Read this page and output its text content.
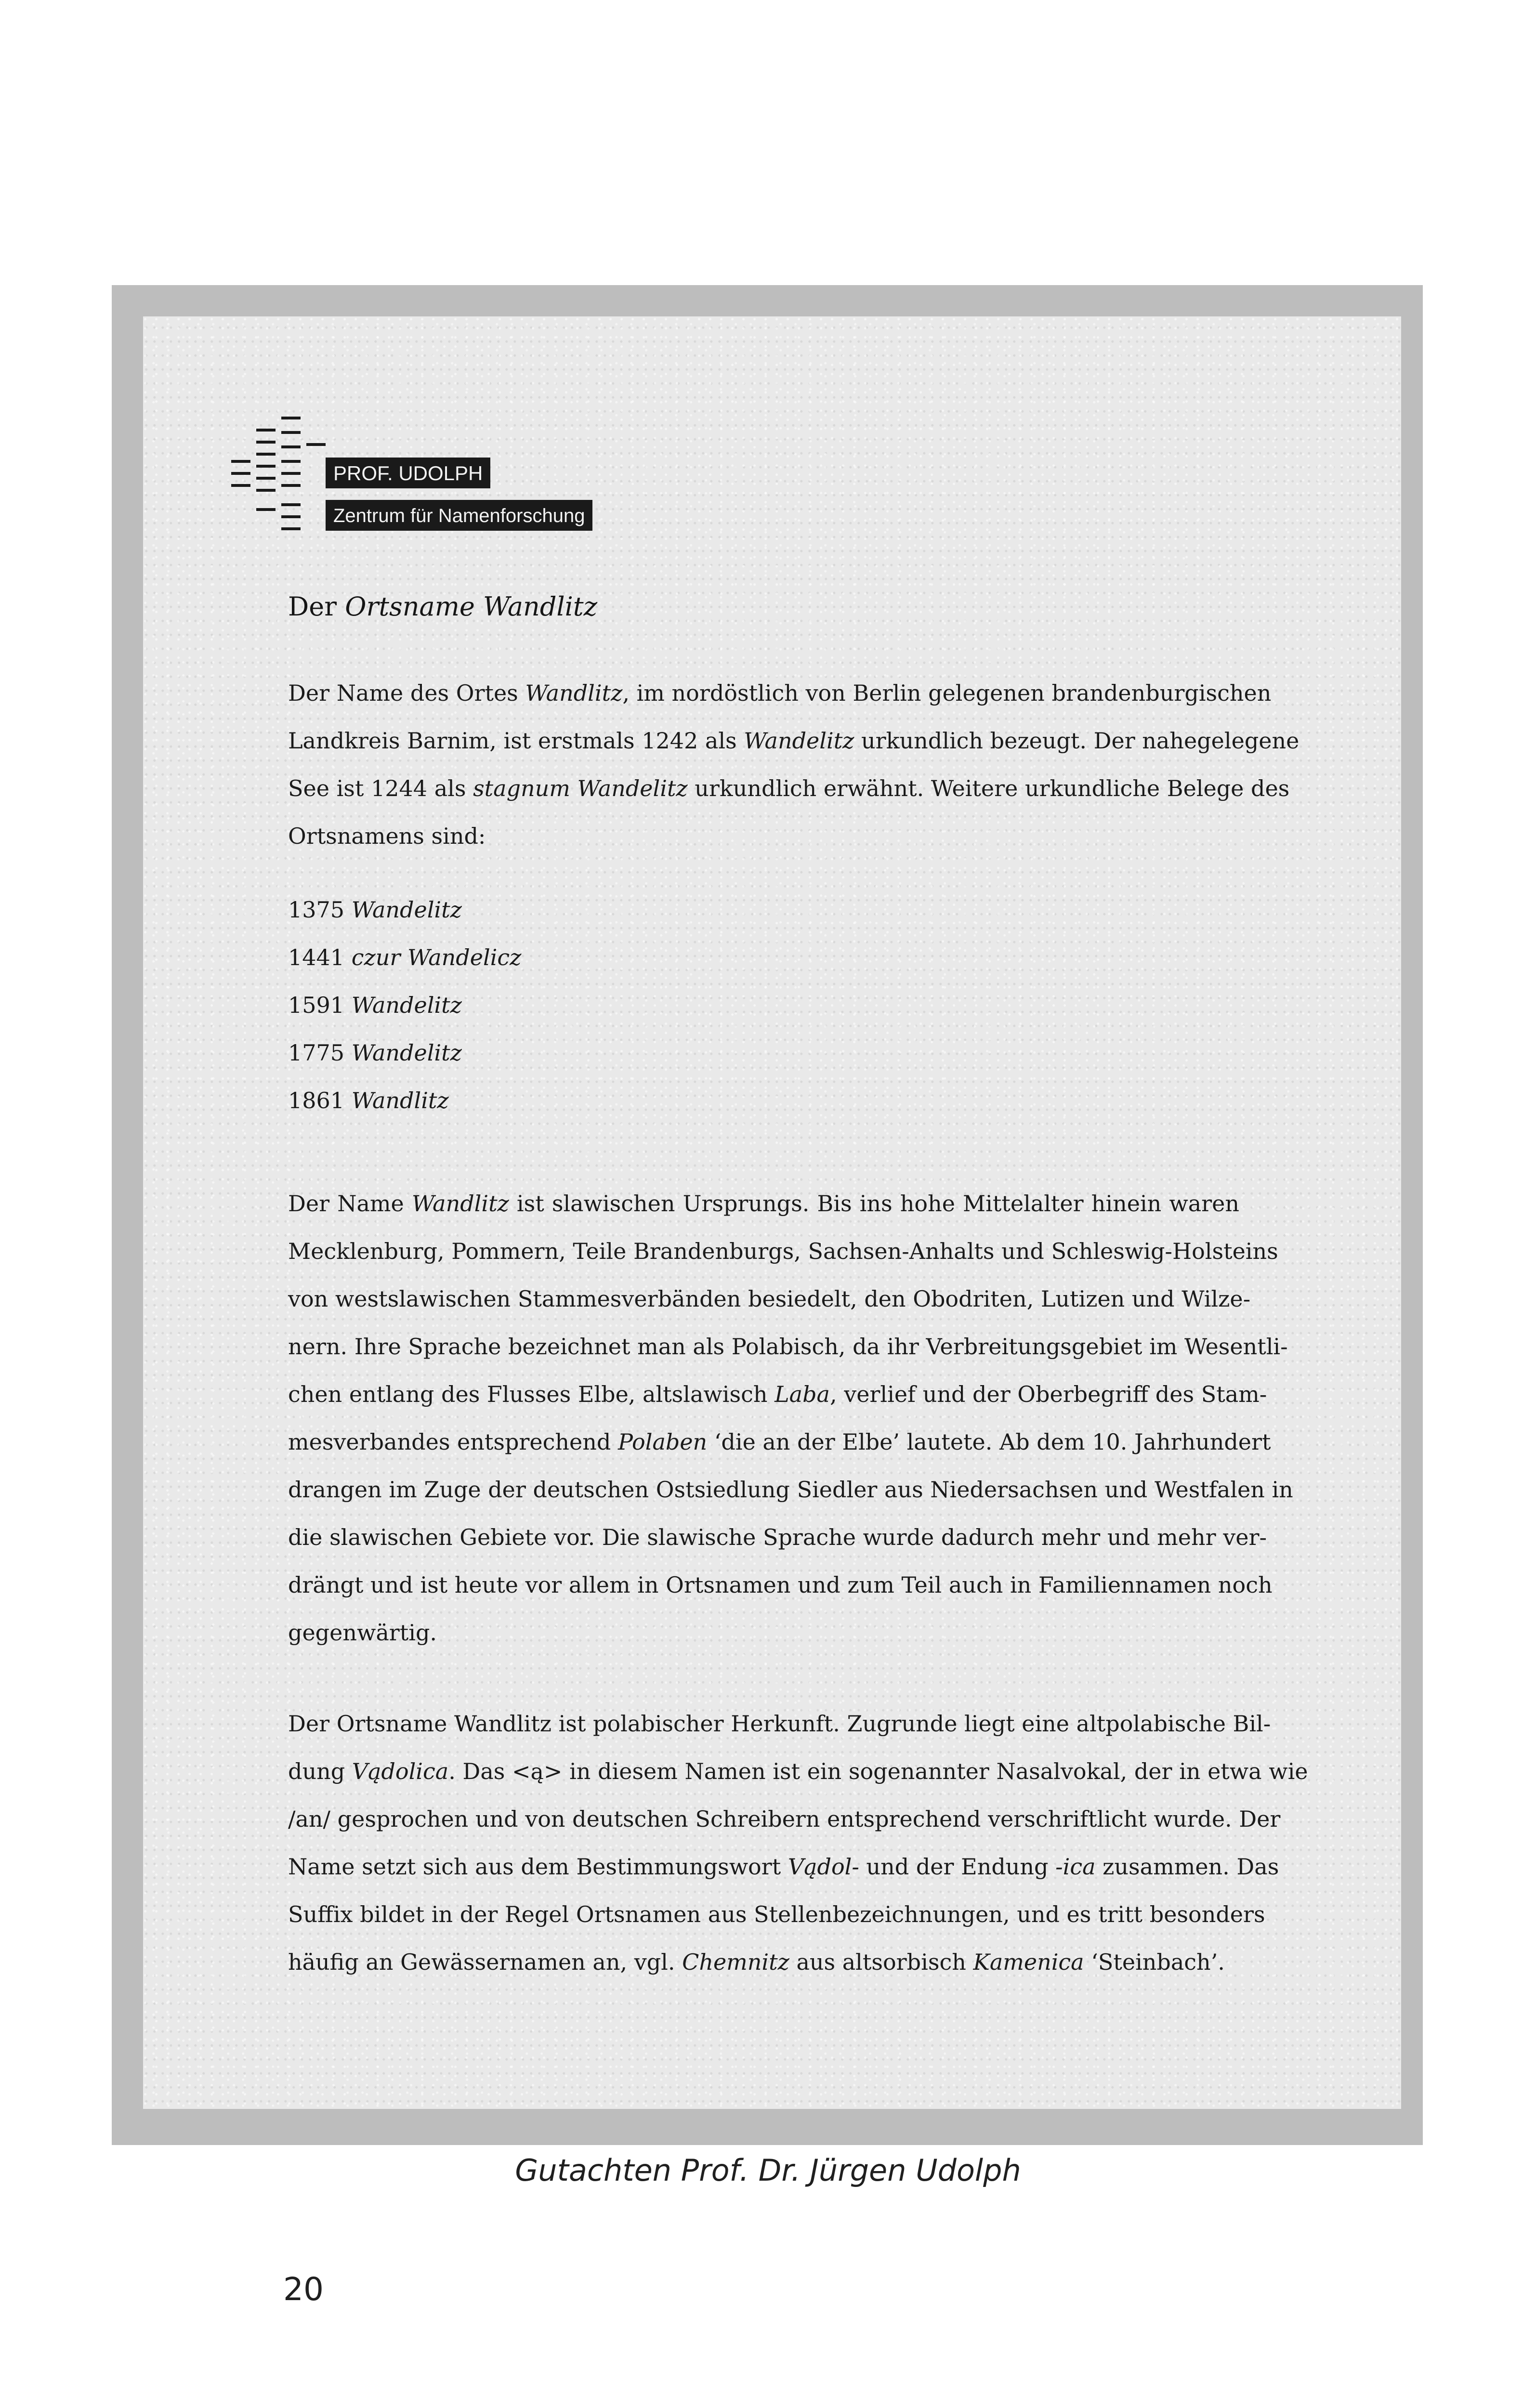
PROF. UDOLPH
Zentrum für Namenforschung
Der Ortsname Wandlitz
Der Name des Ortes Wandlitz, im nordöstlich von Berlin gelegenen brandenburgischen
Landkreis Barnim, ist erstmals 1242 als Wandelitz urkundlich bezeugt. Der nahegelegene
See ist 1244 als stagnum Wandelitz urkundlich erwähnt. Weitere urkundliche Belege des
Ortsnamens sind:
1375 Wandelitz
1441 czur Wandelicz
1591 Wandelitz
1775 Wandelitz
1861 Wandlitz
Der Name Wandlitz ist slawischen Ursprungs. Bis ins hohe Mittelalter hinein waren
Mecklenburg, Pommern, Teile Brandenburgs, Sachsen-Anhalts und Schleswig-Holsteins
von westslawischen Stammesverbänden besiedelt, den Obodriten, Lutizen und Wilze-
nern. Ihre Sprache bezeichnet man als Polabisch, da ihr Verbreitungsgebiet im Wesentli-
chen entlang des Flusses Elbe, altslawisch Laba, verlief und der Oberbegriff des Stam-
mesverbandes entsprechend Polaben ‘die an der Elbe’ lautete. Ab dem 10. Jahrhundert
drangen im Zuge der deutschen Ostsiedlung Siedler aus Niedersachsen und Westfalen in
die slawischen Gebiete vor. Die slawische Sprache wurde dadurch mehr und mehr ver-
drängt und ist heute vor allem in Ortsnamen und zum Teil auch in Familiennamen noch
gegenwärtig.
Der Ortsname Wandlitz ist polabischer Herkunft. Zugrunde liegt eine altpolabische Bil-
dung Vądolica. Das <ą> in diesem Namen ist ein sogenannter Nasalvokal, der in etwa wie
/an/ gesprochen und von deutschen Schreibern entsprechend verschriftlicht wurde. Der
Name setzt sich aus dem Bestimmungswort Vądol- und der Endung -ica zusammen. Das
Suffix bildet in der Regel Ortsnamen aus Stellenbezeichnungen, und es tritt besonders
häufig an Gewässernamen an, vgl. Chemnitz aus altsorbisch Kamenica ‘Steinbach’.
Gutachten Prof. Dr. Jürgen Udolph
20
